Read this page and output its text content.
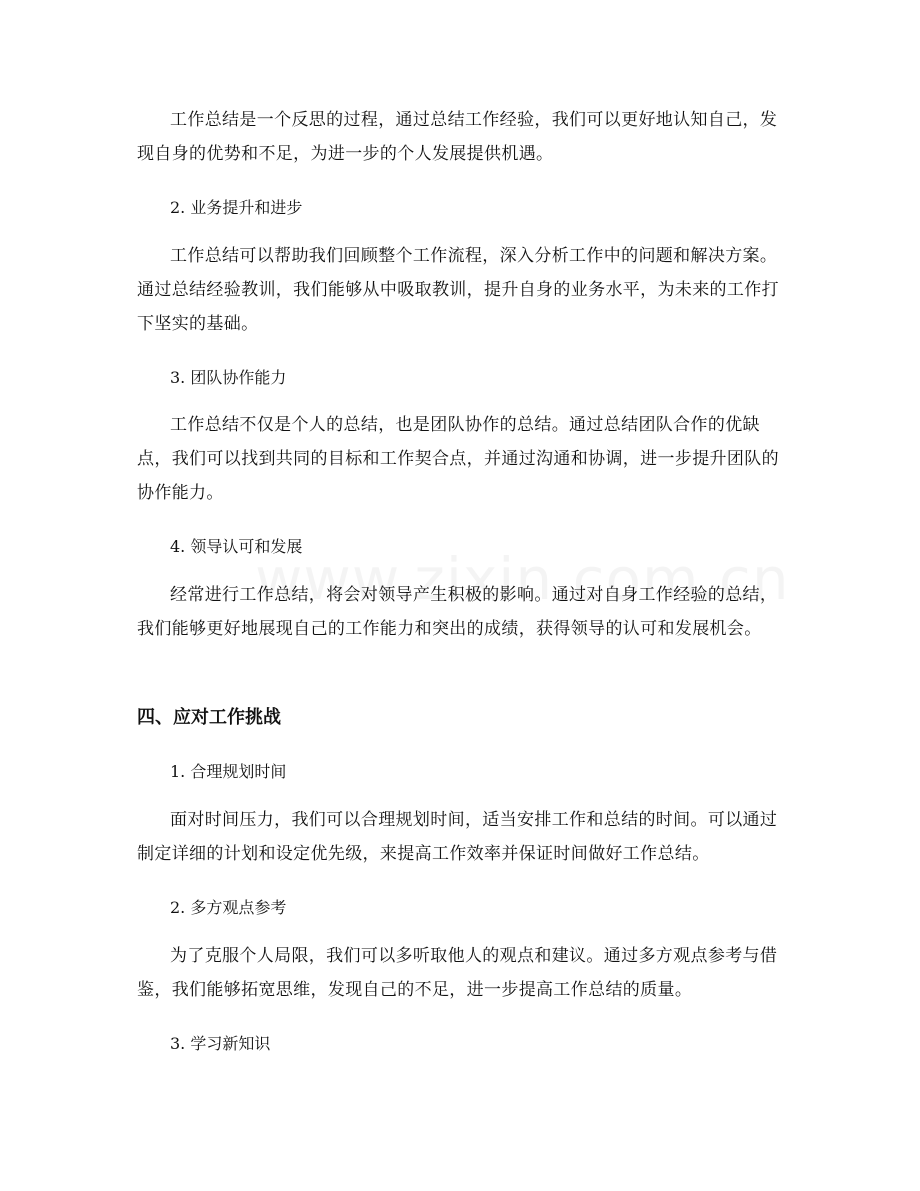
工作总结是一个反思的过程，通过总结工作经验，我们可以更好地认知自己，发现自身的优势和不足，为进一步的个人发展提供机遇。

2. 业务提升和进步

工作总结可以帮助我们回顾整个工作流程，深入分析工作中的问题和解决方案。通过总结经验教训，我们能够从中吸取教训，提升自身的业务水平，为未来的工作打下坚实的基础。

3. 团队协作能力

工作总结不仅是个人的总结，也是团队协作的总结。通过总结团队合作的优缺点，我们可以找到共同的目标和工作契合点，并通过沟通和协调，进一步提升团队的协作能力。

4. 领导认可和发展

经常进行工作总结，将会对领导产生积极的影响。通过对自身工作经验的总结，我们能够更好地展现自己的工作能力和突出的成绩，获得领导的认可和发展机会。

四、应对工作挑战

1. 合理规划时间

面对时间压力，我们可以合理规划时间，适当安排工作和总结的时间。可以通过制定详细的计划和设定优先级，来提高工作效率并保证时间做好工作总结。

2. 多方观点参考

为了克服个人局限，我们可以多听取他人的观点和建议。通过多方观点参考与借鉴，我们能够拓宽思维，发现自己的不足，进一步提高工作总结的质量。

3. 学习新知识
